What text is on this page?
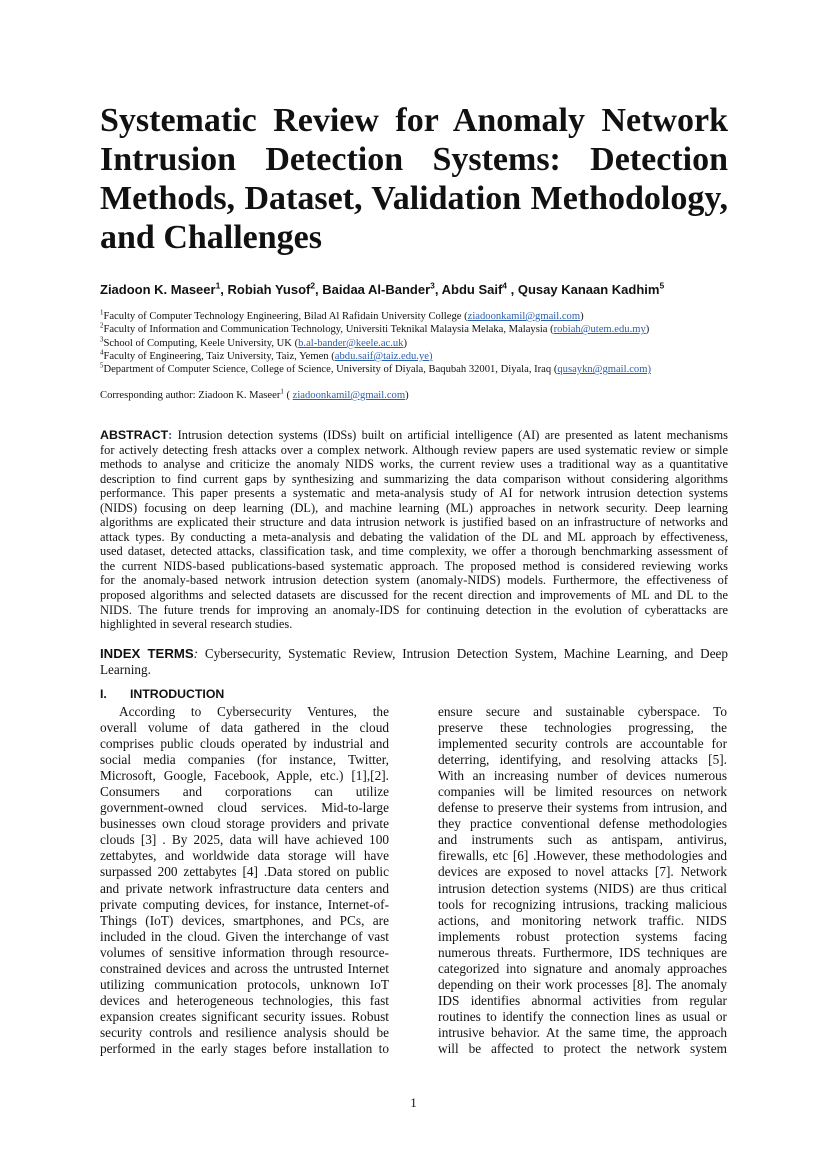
Systematic Review for Anomaly Network
Intrusion Detection Systems: Detection
Methods, Dataset, Validation Methodology,
and Challenges
Ziadoon K. Maseer$^1$, Robiah Yusof$^2$, Baidaa Al-Bander$^3$, Abdu Saif$^4$ , Qusay Kanaan Kadhim$^5$
$^1$Faculty of Computer Technology Engineering, Bilad Al Rafidain University College (ziadoonkamil@gmail.com)
$^2$Faculty of Information and Communication Technology, Universiti Teknikal Malaysia Melaka, Malaysia (robiah@utem.edu.my)
$^3$School of Computing, Keele University, UK (b.al-bander@keele.ac.uk)
$^4$Faculty of Engineering, Taiz University, Taiz, Yemen (abdu.saif@taiz.edu.ye)
$^5$Department of Computer Science, College of Science, University of Diyala, Baqubah 32001, Diyala, Iraq (qusaykn@gmail.com)
Corresponding author: Ziadoon K. Maseer$^1$ ( ziadoonkamil@gmail.com)
ABSTRACT: Intrusion detection systems (IDSs) built on artificial intelligence (AI) are presented as latent mechanisms
for actively detecting fresh attacks over a complex network. Although review papers are used systematic review or simple
methods to analyse and criticize the anomaly NIDS works, the current review uses a traditional way as a quantitative
description to find current gaps by synthesizing and summarizing the data comparison without considering algorithms
performance. This paper presents a systematic and meta-analysis study of AI for network intrusion detection systems
(NIDS) focusing on deep learning (DL), and machine learning (ML) approaches in network security. Deep learning
algorithms are explicated their structure and data intrusion network is justified based on an infrastructure of networks and
attack types. By conducting a meta-analysis and debating the validation of the DL and ML approach by effectiveness,
used dataset, detected attacks, classification task, and time complexity, we offer a thorough benchmarking assessment of
the current NIDS-based publications-based systematic approach. The proposed method is considered reviewing works
for the anomaly-based network intrusion detection system (anomaly-NIDS) models. Furthermore, the effectiveness of
proposed algorithms and selected datasets are discussed for the recent direction and improvements of ML and DL to the
NIDS. The future trends for improving an anomaly-IDS for continuing detection in the evolution of cyberattacks are
highlighted in several research studies.
INDEX TERMS: Cybersecurity, Systematic Review, Intrusion Detection System, Machine Learning, and Deep
Learning.
I. INTRODUCTION
According to Cybersecurity Ventures, the
overall volume of data gathered in the cloud
comprises public clouds operated by industrial and
social media companies (for instance, Twitter,
Microsoft, Google, Facebook, Apple, etc.) [1],[2].
Consumers and corporations can utilize
government-owned cloud services. Mid-to-large
businesses own cloud storage providers and private
clouds [3] . By 2025, data will have achieved 100
zettabytes, and worldwide data storage will have
surpassed 200 zettabytes [4] .Data stored on public
and private network infrastructure data centers and
private computing devices, for instance, Internet-of-
Things (IoT) devices, smartphones, and PCs, are
included in the cloud. Given the interchange of vast
volumes of sensitive information through resource-
constrained devices and across the untrusted Internet
utilizing communication protocols, unknown IoT
devices and heterogeneous technologies, this fast
expansion creates significant security issues. Robust
security controls and resilience analysis should be
performed in the early stages before installation to
ensure secure and sustainable cyberspace. To
preserve these technologies progressing, the
implemented security controls are accountable for
deterring, identifying, and resolving attacks [5].
With an increasing number of devices numerous
companies will be limited resources on network
defense to preserve their systems from intrusion, and
they practice conventional defense methodologies
and instruments such as antispam, antivirus,
firewalls, etc [6] .However, these methodologies and
devices are exposed to novel attacks [7]. Network
intrusion detection systems (NIDS) are thus critical
tools for recognizing intrusions, tracking malicious
actions, and monitoring network traffic. NIDS
implements robust protection systems facing
numerous threats. Furthermore, IDS techniques are
categorized into signature and anomaly approaches
depending on their work processes [8]. The anomaly
IDS identifies abnormal activities from regular
routines to identify the connection lines as usual or
intrusive behavior. At the same time, the approach
will be affected to protect the network system
1
